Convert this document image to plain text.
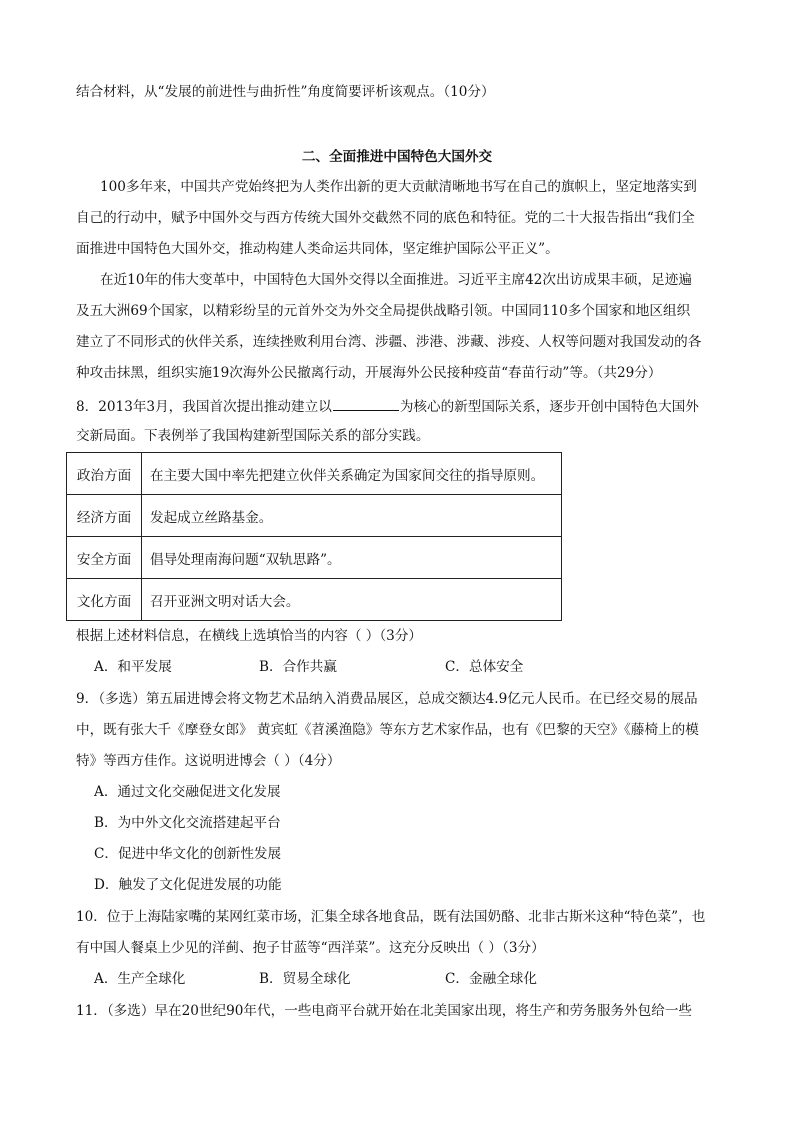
结合材料，从“发展的前进性与曲折性”角度简要评析该观点。（10分）
二、全面推进中国特色大国外交
100多年来，中国共产党始终把为人类作出新的更大贡献清晰地书写在自己的旗帜上，坚定地落实到
自己的行动中，赋予中国外交与西方传统大国外交截然不同的底色和特征。党的二十大报告指出“我们全
面推进中国特色大国外交，推动构建人类命运共同体，坚定维护国际公平正义”。
在近10年的伟大变革中，中国特色大国外交得以全面推进。习近平主席42次出访成果丰硕，足迹遍
及五大洲69个国家，以精彩纷呈的元首外交为外交全局提供战略引领。中国同110多个国家和地区组织
建立了不同形式的伙伴关系，连续挫败利用台湾、涉疆、涉港、涉藏、涉疫、人权等问题对我国发动的各
种攻击抹黑，组织实施19次海外公民撤离行动，开展海外公民接种疫苗“春苗行动”等。（共29分）
8．2013年3月，我国首次提出推动建立以	为核心的新型国际关系，逐步开创中国特色大国外
交新局面。下表例举了我国构建新型国际关系的部分实践。
政治方面	在主要大国中率先把建立伙伴关系确定为国家间交往的指导原则。
经济方面	发起成立丝路基金。
安全方面	倡导处理南海问题“双轨思路”。
文化方面	召开亚洲文明对话大会。
根据上述材料信息，在横线上选填恰当的内容（ ）（3分）
A．和平发展	B．合作共赢	C．总体安全
9．（多选）第五届进博会将文物艺术品纳入消费品展区，总成交额达4.9亿元人民币。在已经交易的展品
中，既有张大千《摩登女郎》 黄宾虹《苕溪渔隐》等东方艺术家作品，也有《巴黎的天空》《藤椅上的模
特》等西方佳作。这说明进博会（ ）（4分）
A．通过文化交融促进文化发展
B．为中外文化交流搭建起平台
C．促进中华文化的创新性发展
D．触发了文化促进发展的功能
10．位于上海陆家嘴的某网红菜市场，汇集全球各地食品，既有法国奶酪、北非古斯米这种“特色菜”，也
有中国人餐桌上少见的洋蓟、抱子甘蓝等“西洋菜”。这充分反映出（ ）（3分）
A．生产全球化	B．贸易全球化	C．金融全球化
11．（多选）早在20世纪90年代，一些电商平台就开始在北美国家出现，将生产和劳务服务外包给一些
